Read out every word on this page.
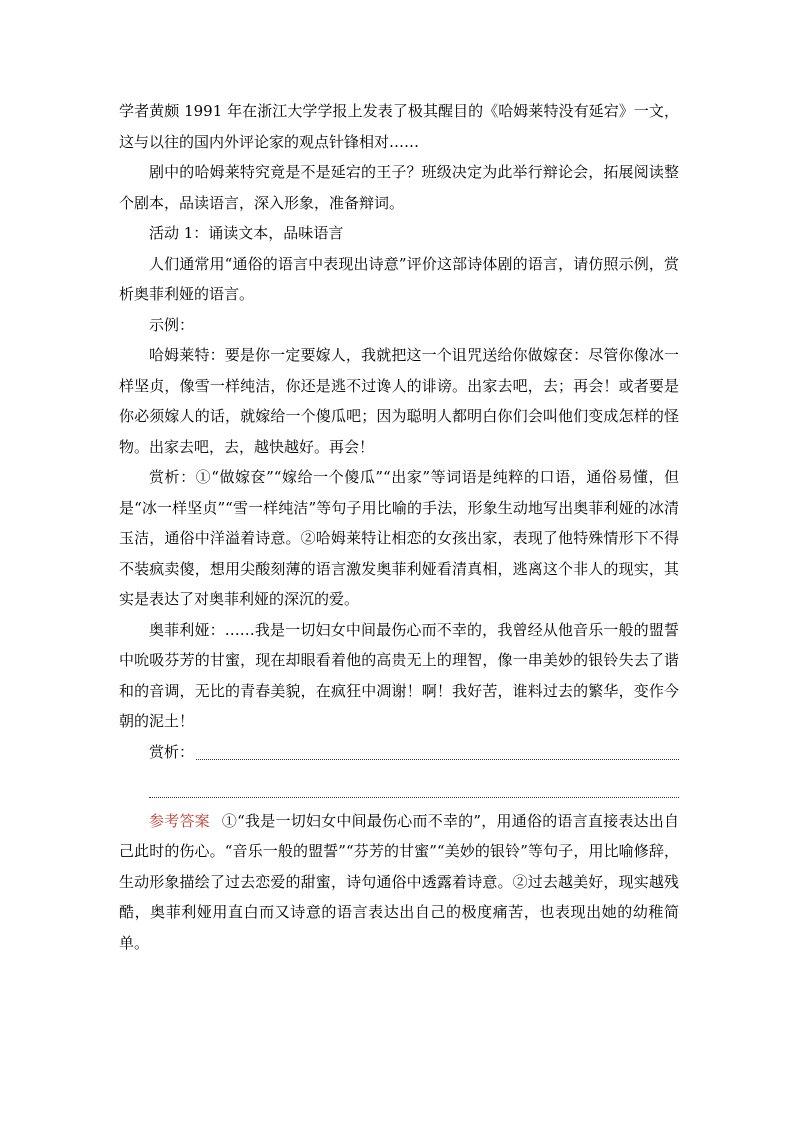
学者黄颇 1991 年在浙江大学学报上发表了极其醒目的《哈姆莱特没有延宕》一文，这与以往的国内外评论家的观点针锋相对……

剧中的哈姆莱特究竟是不是延宕的王子？班级决定为此举行辩论会，拓展阅读整个剧本，品读语言，深入形象，准备辩词。

活动 1：诵读文本，品味语言

人们通常用“通俗的语言中表现出诗意”评价这部诗体剧的语言，请仿照示例，赏析奥菲利娅的语言。

示例：

哈姆莱特：要是你一定要嫁人，我就把这一个诅咒送给你做嫁奁：尽管你像冰一样坚贞，像雪一样纯洁，你还是逃不过谗人的诽谤。出家去吧，去；再会！或者要是你必须嫁人的话，就嫁给一个傻瓜吧；因为聪明人都明白你们会叫他们变成怎样的怪物。出家去吧，去，越快越好。再会！

赏析：①“做嫁奁”“嫁给一个傻瓜”“出家”等词语是纯粹的口语，通俗易懂，但是“冰一样坚贞”“雪一样纯洁”等句子用比喻的手法，形象生动地写出奥菲利娅的冰清玉洁，通俗中洋溢着诗意。②哈姆莱特让相恋的女孩出家，表现了他特殊情形下不得不装疯卖傻，想用尖酸刻薄的语言激发奥菲利娅看清真相，逃离这个非人的现实，其实是表达了对奥菲利娅的深沉的爱。

奥菲利娅：……我是一切妇女中间最伤心而不幸的，我曾经从他音乐一般的盟誓中吮吸芬芳的甘蜜，现在却眼看着他的高贵无上的理智，像一串美妙的银铃失去了谐和的音调，无比的青春美貌，在疯狂中凋谢！啊！我好苦，谁料过去的繁华，变作今朝的泥土！

赏析：

参考答案 ①“我是一切妇女中间最伤心而不幸的”，用通俗的语言直接表达出自己此时的伤心。“音乐一般的盟誓”“芬芳的甘蜜”“美妙的银铃”等句子，用比喻修辞，生动形象描绘了过去恋爱的甜蜜，诗句通俗中透露着诗意。②过去越美好，现实越残酷，奥菲利娅用直白而又诗意的语言表达出自己的极度痛苦，也表现出她的幼稚简单。
